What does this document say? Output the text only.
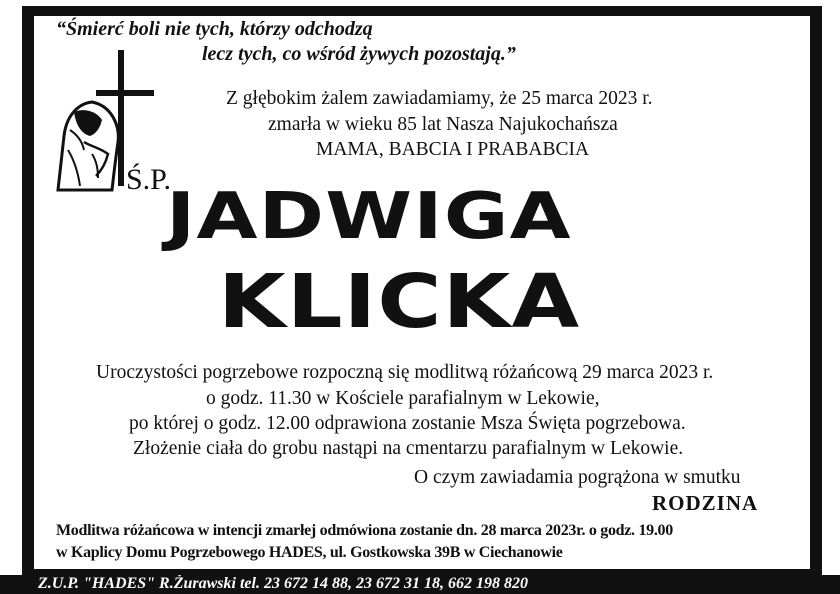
“Śmierć boli nie tych, którzy odchodzą
lecz tych, co wśród żywych pozostają.”
Z głębokim żalem zawiadamiamy, że 25 marca 2023 r.
zmarła w wieku 85 lat Nasza Najukochańsza
MAMA, BABCIA I PRABABCIA
Ś.P.
JADWIGA
KLICKA
Uroczystości pogrzebowe rozpoczną się modlitwą różańcową 29 marca 2023 r.
o godz. 11.30 w Kościele parafialnym w Lekowie,
po której o godz. 12.00 odprawiona zostanie Msza Święta pogrzebowa.
Złożenie ciała do grobu nastąpi na cmentarzu parafialnym w Lekowie.
O czym zawiadamia pogrążona w smutku
RODZINA
Modlitwa różańcowa w intencji zmarłej odmówiona zostanie dn. 28 marca 2023r. o godz. 19.00
w Kaplicy Domu Pogrzebowego HADES, ul. Gostkowska 39B w Ciechanowie
Z.U.P. "HADES" R.Żurawski tel. 23 672 14 88, 23 672 31 18, 662 198 820
